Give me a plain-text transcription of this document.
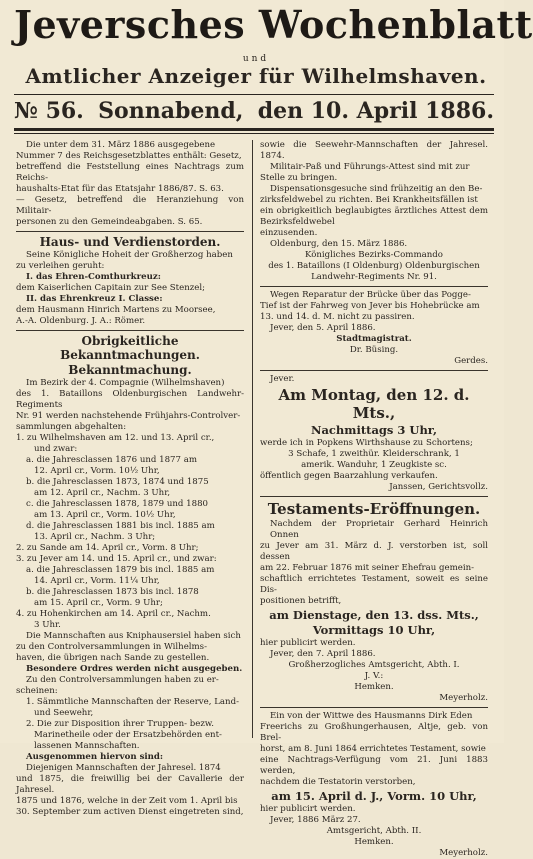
Jeversches Wochenblatt
und
Amtlicher Anzeiger für Wilhelmshaven.
№ 56. Sonnabend, den 10. April 1886.

Die unter dem 31. März 1886 ausgegebene

Nummer 7 des Reichsgesetzblattes enthält: Gesetz,

betreffend die Feststellung eines Nachtrags zum Reichs-

haushalts-Etat für das Etatsjahr 1886/87. S. 63.

— Gesetz, betreffend die Heranziehung von Militair-

personen zu den Gemeindeabgaben. S. 65.

Haus- und Verdienstorden.

Seine Königliche Hoheit der Großherzog haben

zu verleihen geruht:

I. das Ehren-Comthurkreuz:

dem Kaiserlichen Capitain zur See Stenzel;

II. das Ehrenkreuz I. Classe:

dem Hausmann Hinrich Martens zu Moorsee,

A.-A. Oldenburg. J. A.: Römer.

Obrigkeitliche Bekanntmachungen.

Bekanntmachung.

Im Bezirk der 4. Compagnie (Wilhelmshaven)

des 1. Bataillons Oldenburgischen Landwehr-Regiments

Nr. 91 werden nachstehende Frühjahrs-Controlver-

sammlungen abgehalten:

1. zu Wilhelmshaven am 12. und 13. April cr.,

und zwar:

a. die Jahresclassen 1876 und 1877 am

12. April cr., Vorm. 10½ Uhr,

b. die Jahresclassen 1873, 1874 und 1875

am 12. April cr., Nachm. 3 Uhr,

c. die Jahresclassen 1878, 1879 und 1880

am 13. April cr., Vorm. 10½ Uhr,

d. die Jahresclassen 1881 bis incl. 1885 am

13. April cr., Nachm. 3 Uhr;

2. zu Sande am 14. April cr., Vorm. 8 Uhr;

3. zu Jever am 14. und 15. April cr., und zwar:

a. die Jahresclassen 1879 bis incl. 1885 am

14. April cr., Vorm. 11¼ Uhr,

b. die Jahresclassen 1873 bis incl. 1878

am 15. April cr., Vorm. 9 Uhr;

4. zu Hohenkirchen am 14. April cr., Nachm.

3 Uhr.

Die Mannschaften aus Kniphausersiel haben sich

zu den Controlversammlungen in Wilhelms-

haven, die übrigen nach Sande zu gestellen.

Besondere Ordres werden nicht ausgegeben.

Zu den Controlversammlungen haben zu er-

scheinen:

1. Sämmtliche Mannschaften der Reserve, Land-

und Seewehr,

2. Die zur Disposition ihrer Truppen- bezw.

Marinetheile oder der Ersatzbehörden ent-

lassenen Mannschaften.

Ausgenommen hiervon sind:

Diejenigen Mannschaften der Jahresel. 1874

und 1875, die freiwillig bei der Cavallerie der Jahresel.

1875 und 1876, welche in der Zeit vom 1. April bis

30. September zum activen Dienst eingetreten sind,

sowie die Seewehr-Mannschaften der Jahresel. 1874.

Militair-Paß und Führungs-Attest sind mit zur

Stelle zu bringen.

Dispensationsgesuche sind frühzeitig an den Be-

zirksfeldwebel zu richten. Bei Krankheitsfällen ist

ein obrigkeitlich beglaubigtes ärztliches Attest dem Bezirksfeldwebel

einzusenden.

Oldenburg, den 15. März 1886.

Königliches Bezirks-Commando

des 1. Bataillons (I Oldenburg) Oldenburgischen

Landwehr-Regiments Nr. 91.

Wegen Reparatur der Brücke über das Pogge-

Tief ist der Fahrweg von Jever bis Hohebrücke am

13. und 14. d. M. nicht zu passiren.

Jever, den 5. April 1886.

Stadtmagistrat.

Dr. Büsing.

Gerdes.

Jever.

Am Montag, den 12. d. Mts.,

Nachmittags 3 Uhr,

werde ich in Popkens Wirthshause zu Schortens;

3 Schafe, 1 zweithür. Kleiderschrank, 1

amerik. Wanduhr, 1 Zeugkiste sc.

öffentlich gegen Baarzahlung verkaufen.

Janssen, Gerichtsvollz.

Testaments-Eröffnungen.

Nachdem der Proprietair Gerhard Heinrich Onnen

zu Jever am 31. März d. J. verstorben ist, soll dessen

am 22. Februar 1876 mit seiner Ehefrau gemein-

schaftlich errichtetes Testament, soweit es seine Dis-

positionen betrifft,

am Dienstage, den 13. dss. Mts.,

Vormittags 10 Uhr,

hier publicirt werden.

Jever, den 7. April 1886.

Großherzogliches Amtsgericht, Abth. I.

J. V.:

Hemken.

Meyerholz.

Ein von der Wittwe des Hausmanns Dirk Eden

Freerichs zu Großhungerhausen, Altje, geb. von Brel-

horst, am 8. Juni 1864 errichtetes Testament, sowie

eine Nachtrags-Verfügung vom 21. Juni 1883 werden,

nachdem die Testatorin verstorben,

am 15. April d. J., Vorm. 10 Uhr,

hier publicirt werden.

Jever, 1886 März 27.

Amtsgericht, Abth. II.

Hemken.

Meyerholz.
